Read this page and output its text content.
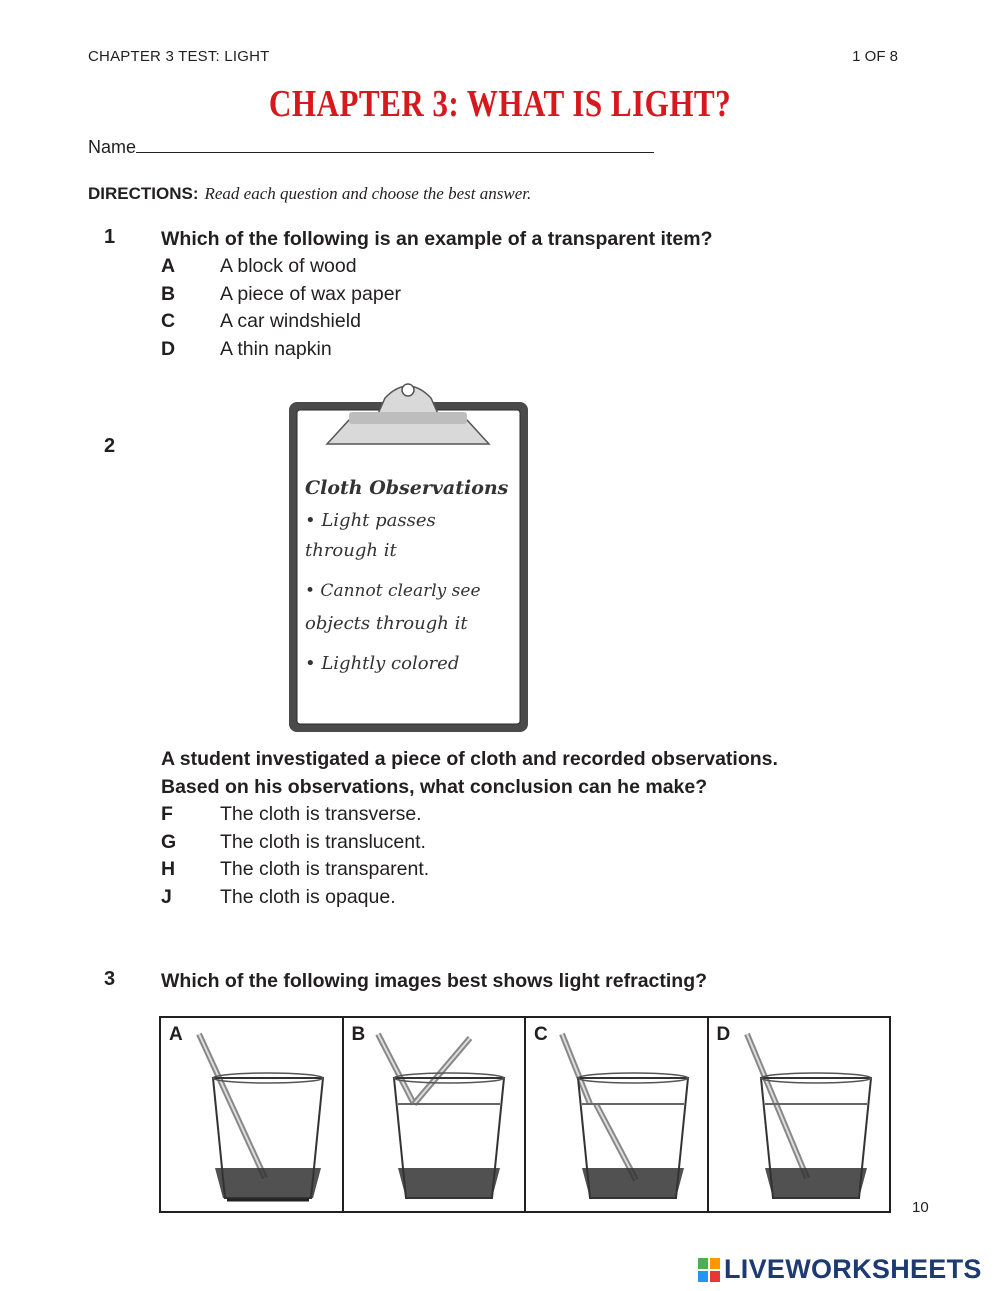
CHAPTER 3 TEST: LIGHT	1 OF 8
CHAPTER 3: WHAT IS LIGHT?
Name
DIRECTIONS: Read each question and choose the best answer.
1 Which of the following is an example of a transparent item?
A A block of wood
B A piece of wax paper
C A car windshield
D A thin napkin
2
Cloth Observations
• Light passes
through it
• Cannot clearly see
objects through it
• Lightly colored
A student investigated a piece of cloth and recorded observations.
Based on his observations, what conclusion can he make?
F The cloth is transverse.
G The cloth is translucent.
H The cloth is transparent.
J The cloth is opaque.
3 Which of the following images best shows light refracting?
A	B	C	D
10
LIVEWORKSHEETS
